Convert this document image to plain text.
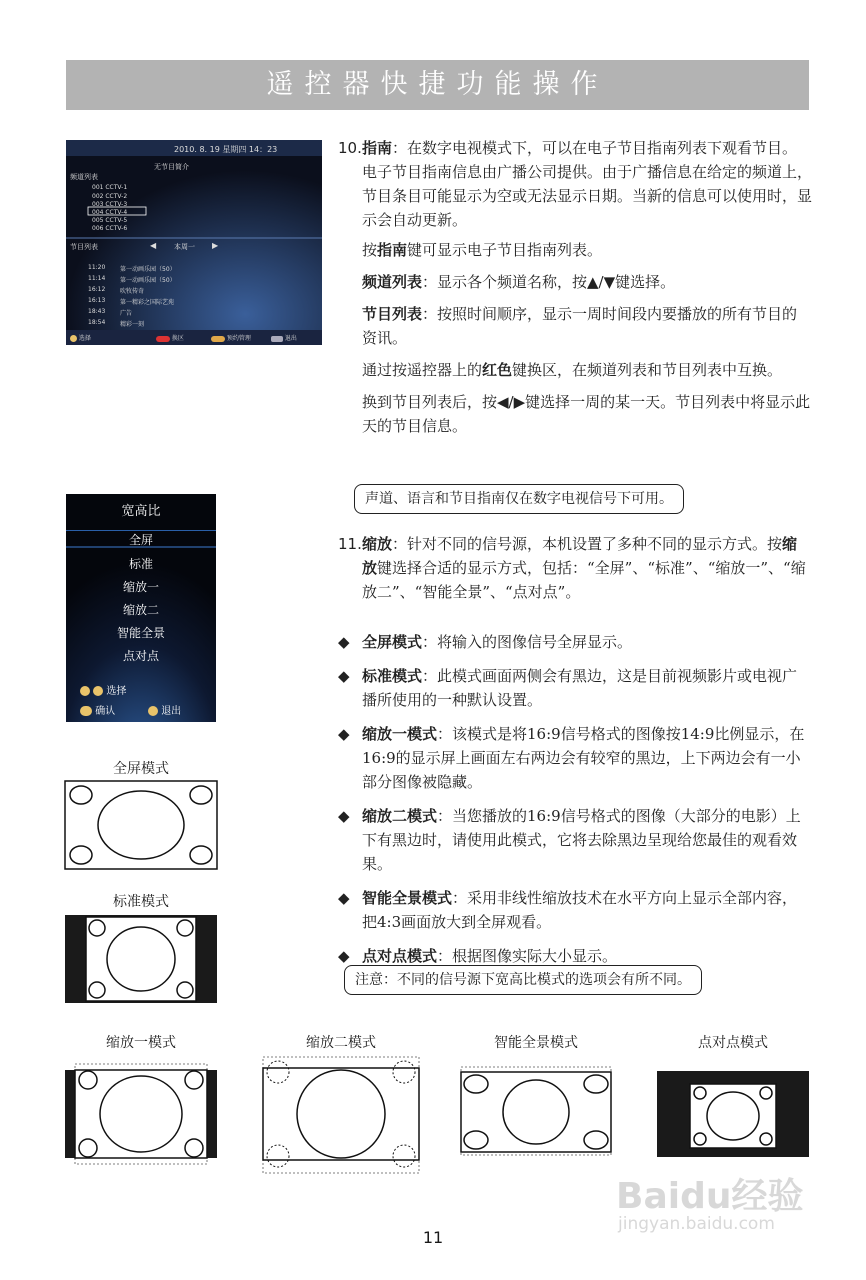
遥控器快捷功能操作
2010. 8. 19 星期四 14：23
无节目简介
频道列表
001 CCTV-1
002 CCTV-2
003 CCTV-3
004 CCTV-4
005 CCTV-5
006 CCTV-6
节目列表	◀	本周一	▶
11:20	第一动画乐园（50）
11:14	第一动画乐园（50）
16:12	吹牧传奇
16:13	第一精彩之国际艺苑
18:43	广告
18:54	精彩一刻
选择	换区	预约管理	退出
10. 指南：在数字电视模式下，可以在电子节目指南列表下观看节目。
电子节目指南信息由广播公司提供。由于广播信息在给定的频道上，节目条目可能显示为空或无法显示日期。当新的信息可以使用时，显示会自动更新。
按指南键可显示电子节目指南列表。
频道列表：显示各个频道名称，按▲/▼键选择。
节目列表：按照时间顺序，显示一周时间段内要播放的所有节目的资讯。
通过按遥控器上的红色键换区，在频道列表和节目列表中互换。
换到节目列表后，按◀/▶键选择一周的某一天。节目列表中将显示此天的节目信息。
声道、语言和节目指南仅在数字电视信号下可用。
宽高比
全屏
标准
缩放一
缩放二
智能全景
点对点
选择
确认	退出
11. 缩放：针对不同的信号源，本机设置了多种不同的显示方式。按缩放键选择合适的显示方式，包括：“全屏”、“标准”、“缩放一”、“缩放二”、“智能全景”、“点对点”。
◆ 全屏模式：将输入的图像信号全屏显示。
◆ 标准模式：此模式画面两侧会有黑边，这是目前视频影片或电视广播所使用的一种默认设置。
◆ 缩放一模式：该模式是将16:9信号格式的图像按14:9比例显示，在16:9的显示屏上画面左右两边会有较窄的黑边，上下两边会有一小部分图像被隐藏。
◆ 缩放二模式：当您播放的16:9信号格式的图像（大部分的电影）上下有黑边时，请使用此模式，它将去除黑边呈现给您最佳的观看效果。
◆ 智能全景模式：采用非线性缩放技术在水平方向上显示全部内容，把4:3画面放大到全屏观看。
◆ 点对点模式：根据图像实际大小显示。
注意：不同的信号源下宽高比模式的选项会有所不同。
全屏模式
标准模式
缩放一模式	缩放二模式	智能全景模式	点对点模式
Baidu经验
jingyan.baidu.com
11
